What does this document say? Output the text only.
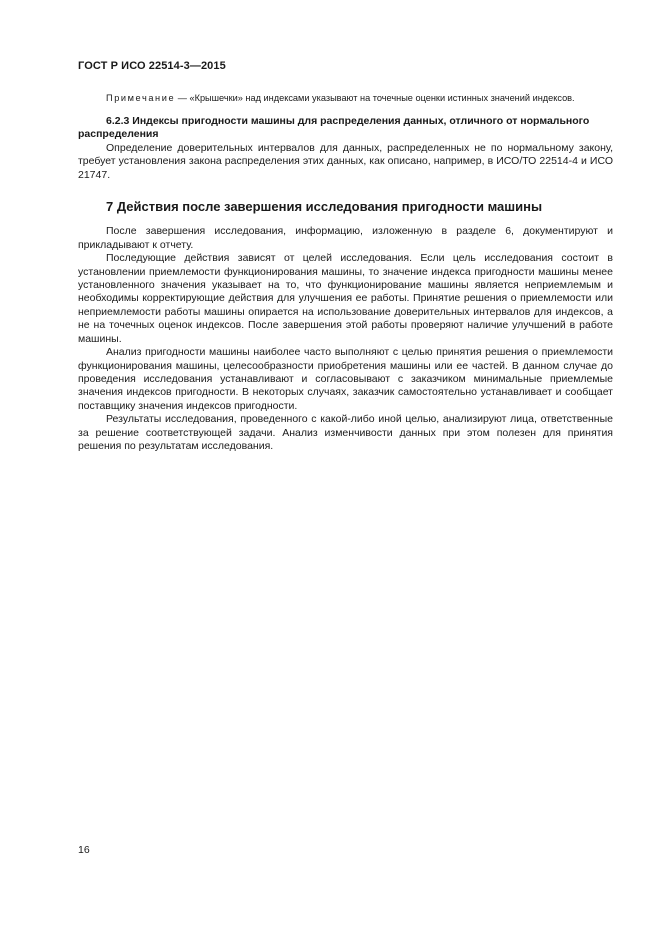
ГОСТ Р ИСО 22514-3—2015

Примечание — «Крышечки» над индексами указывают на точечные оценки истинных значений индексов.

6.2.3 Индексы пригодности машины для распределения данных, отличного от нормального распределения

Определение доверительных интервалов для данных, распределенных не по нормальному закону, требует установления закона распределения этих данных, как описано, например, в ИСО/ТО 22514-4 и ИСО 21747.

7 Действия после завершения исследования пригодности машины

После завершения исследования, информацию, изложенную в разделе 6, документируют и прикладывают к отчету.

Последующие действия зависят от целей исследования. Если цель исследования состоит в установлении приемлемости функционирования машины, то значение индекса пригодности машины менее установленного значения указывает на то, что функционирование машины является неприемлемым и необходимы корректирующие действия для улучшения ее работы. Принятие решения о приемлемости или неприемлемости работы машины опирается на использование доверительных интервалов для индексов, а не на точечных оценок индексов. После завершения этой работы проверяют наличие улучшений в работе машины.

Анализ пригодности машины наиболее часто выполняют с целью принятия решения о приемлемости функционирования машины, целесообразности приобретения машины или ее частей. В данном случае до проведения исследования устанавливают и согласовывают с заказчиком минимальные приемлемые значения индексов пригодности. В некоторых случаях, заказчик самостоятельно устанавливает и сообщает поставщику значения индексов пригодности.

Результаты исследования, проведенного с какой-либо иной целью, анализируют лица, ответственные за решение соответствующей задачи. Анализ изменчивости данных при этом полезен для принятия решения по результатам исследования.

16
